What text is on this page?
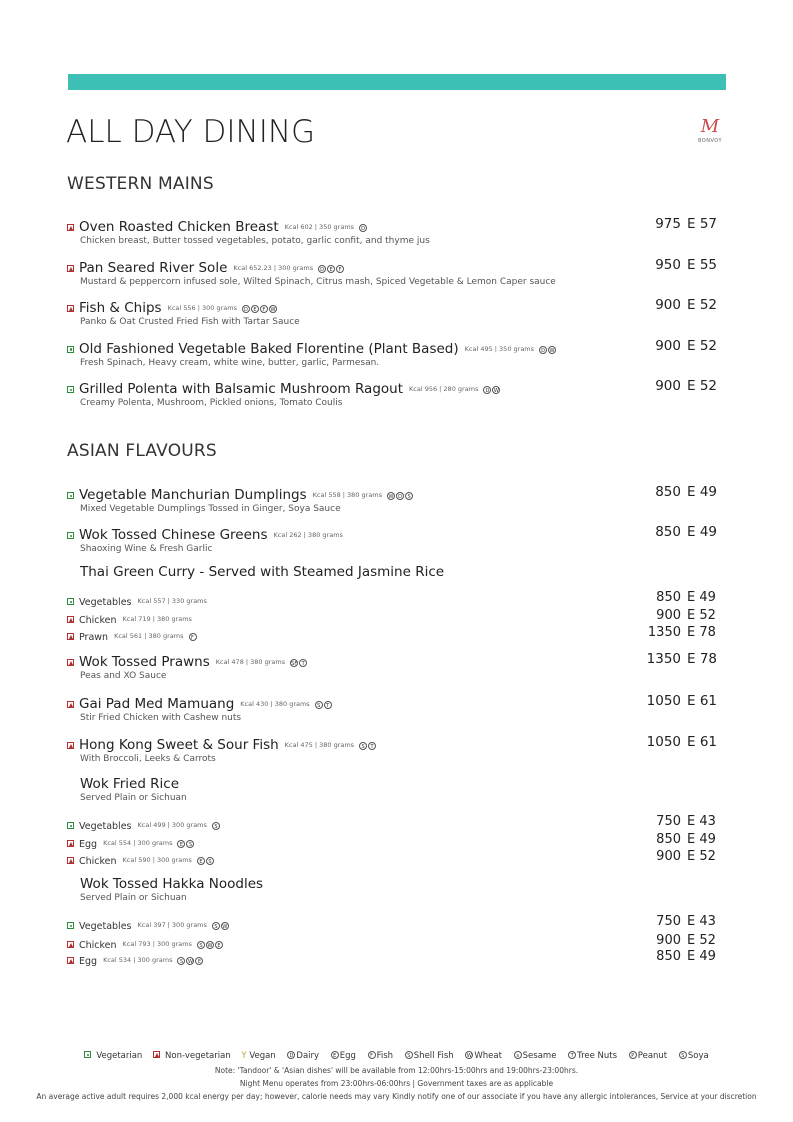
ALL DAY DINING	M
BONVOY
WESTERN MAINS
Oven Roasted Chicken Breast Kcal 602 | 350 grams D
Chicken breast, Butter tossed vegetables, potato, garlic confit, and thyme jus
975 E 57
Pan Seared River Sole Kcal 652.23 | 300 grams D E F
Mustard & peppercorn infused sole, Wilted Spinach, Citrus mash, Spiced Vegetable & Lemon Caper sauce
950 E 55
Fish & Chips Kcal 556 | 300 grams D E F W
Panko & Oat Crusted Fried Fish with Tartar Sauce
900 E 52
Old Fashioned Vegetable Baked Florentine (Plant Based) Kcal 495 | 350 grams D W
Fresh Spinach, Heavy cream, white wine, butter, garlic, Parmesan.
900 E 52
Grilled Polenta with Balsamic Mushroom Ragout Kcal 956 | 280 grams D W
Creamy Polenta, Mushroom, Pickled onions, Tomato Coulis
900 E 52
ASIAN FLAVOURS
Vegetable Manchurian Dumplings Kcal 558 | 380 grams W D S
Mixed Vegetable Dumplings Tossed in Ginger, Soya Sauce
850 E 49
Wok Tossed Chinese Greens Kcal 262 | 380 grams
Shaoxing Wine & Fresh Garlic
850 E 49
Thai Green Curry - Served with Steamed Jasmine Rice
Vegetables Kcal 557 | 330 grams	850 E 49
Chicken Kcal 719 | 380 grams	900 E 52
Prawn Kcal 561 | 380 grams F	1350 E 78
Wok Tossed Prawns Kcal 478 | 380 grams SF T
Peas and XO Sauce
1350 E 78
Gai Pad Med Mamuang Kcal 430 | 380 grams S T
Stir Fried Chicken with Cashew nuts
1050 E 61
Hong Kong Sweet & Sour Fish Kcal 475 | 380 grams S T
With Broccoli, Leeks & Carrots
1050 E 61
Wok Fried Rice
Served Plain or Sichuan
Vegetables Kcal 499 | 300 grams S	750 E 43
Egg Kcal 554 | 300 grams E S	850 E 49
Chicken Kcal 590 | 300 grams E S	900 E 52
Wok Tossed Hakka Noodles
Served Plain or Sichuan
Vegetables Kcal 397 | 300 grams S W	750 E 43
Chicken Kcal 793 | 300 grams S W E	900 E 52
Egg Kcal 534 | 300 grams S W E	850 E 49
Vegetarian	Non-vegetarian Y Vegan	D Dairy	E Egg	F Fish	S Shell Fish	W Wheat	s Sesame	T Tree Nuts	P Peanut	S Soya
Note: 'Tandoor' & 'Asian dishes' will be available from 12:00hrs-15:00hrs and 19:00hrs-23:00hrs.
Night Menu operates from 23:00hrs-06:00hrs | Government taxes are as applicable
An average active adult requires 2,000 kcal energy per day; however, calorie needs may vary Kindly notify one of our associate if you have any allergic intolerances, Service at your discretion
